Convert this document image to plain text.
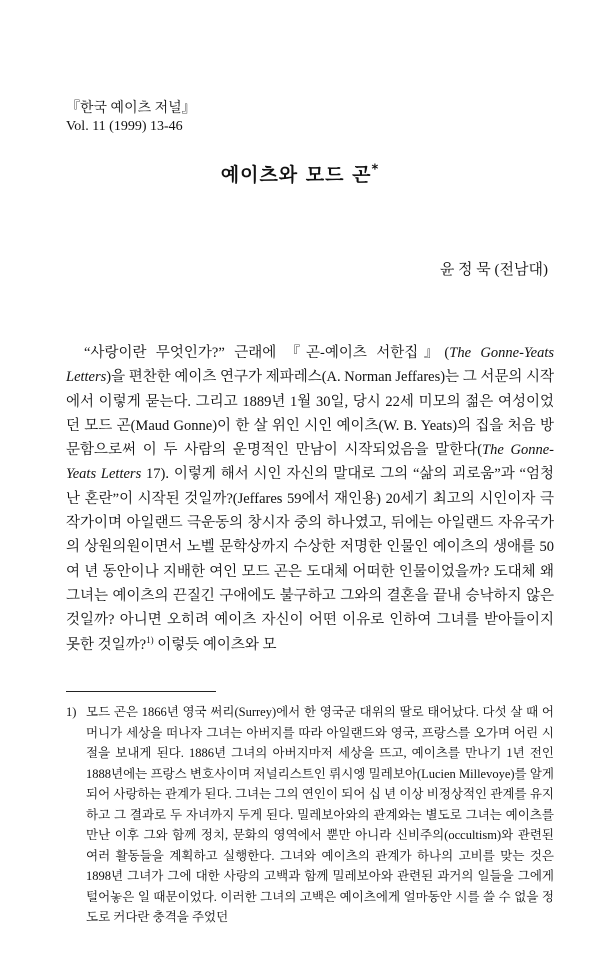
『한국 예이츠 저널』
Vol. 11 (1999) 13-46
예이츠와 모드 곤*
윤 정 묵 (전남대)

“사랑이란 무엇인가?” 근래에 『곤-예이츠 서한집』(The Gonne-Yeats Letters)을 편찬한 예이츠 연구가 제파레스(A. Norman Jeffares)는 그 서문의 시작에서 이렇게 묻는다. 그리고 1889년 1월 30일, 당시 22세 미모의 젊은 여성이었던 모드 곤(Maud Gonne)이 한 살 위인 시인 예이츠(W. B. Yeats)의 집을 처음 방문함으로써 이 두 사람의 운명적인 만남이 시작되었음을 말한다(The Gonne-Yeats Letters 17). 이렇게 해서 시인 자신의 말대로 그의 “삶의 괴로움”과 “엄청난 혼란”이 시작된 것일까?(Jeffares 59에서 재인용) 20세기 최고의 시인이자 극작가이며 아일랜드 극운동의 창시자 중의 하나였고, 뒤에는 아일랜드 자유국가의 상원의원이면서 노벨 문학상까지 수상한 저명한 인물인 예이츠의 생애를 50여 년 동안이나 지배한 여인 모드 곤은 도대체 어떠한 인물이었을까? 도대체 왜 그녀는 예이츠의 끈질긴 구애에도 불구하고 그와의 결혼을 끝내 승낙하지 않은 것일까? 아니면 오히려 예이츠 자신이 어떤 이유로 인하여 그녀를 받아들이지 못한 것일까?$^{1)}$ 이렇듯 예이츠와 모

1) 모드 곤은 1866년 영국 써리(Surrey)에서 한 영국군 대위의 딸로 태어났다. 다섯 살 때 어머니가 세상을 떠나자 그녀는 아버지를 따라 아일랜드와 영국, 프랑스를 오가며 어린 시절을 보내게 된다. 1886년 그녀의 아버지마저 세상을 뜨고, 예이츠를 만나기 1년 전인 1888년에는 프랑스 변호사이며 저널리스트인 뤼시엥 밀레보아(Lucien Millevoye)를 알게 되어 사랑하는 관계가 된다. 그녀는 그의 연인이 되어 십 년 이상 비정상적인 관계를 유지하고 그 결과로 두 자녀까지 두게 된다. 밀레보아와의 관계와는 별도로 그녀는 예이츠를 만난 이후 그와 함께 정치, 문화의 영역에서 뿐만 아니라 신비주의(occultism)와 관련된 여러 활동들을 계획하고 실행한다. 그녀와 예이츠의 관계가 하나의 고비를 맞는 것은 1898년 그녀가 그에 대한 사랑의 고백과 함께 밀레보아와 관련된 과거의 일들을 그에게 털어놓은 일 때문이었다. 이러한 그녀의 고백은 예이츠에게 얼마동안 시를 쓸 수 없을 정도로 커다란 충격을 주었던
